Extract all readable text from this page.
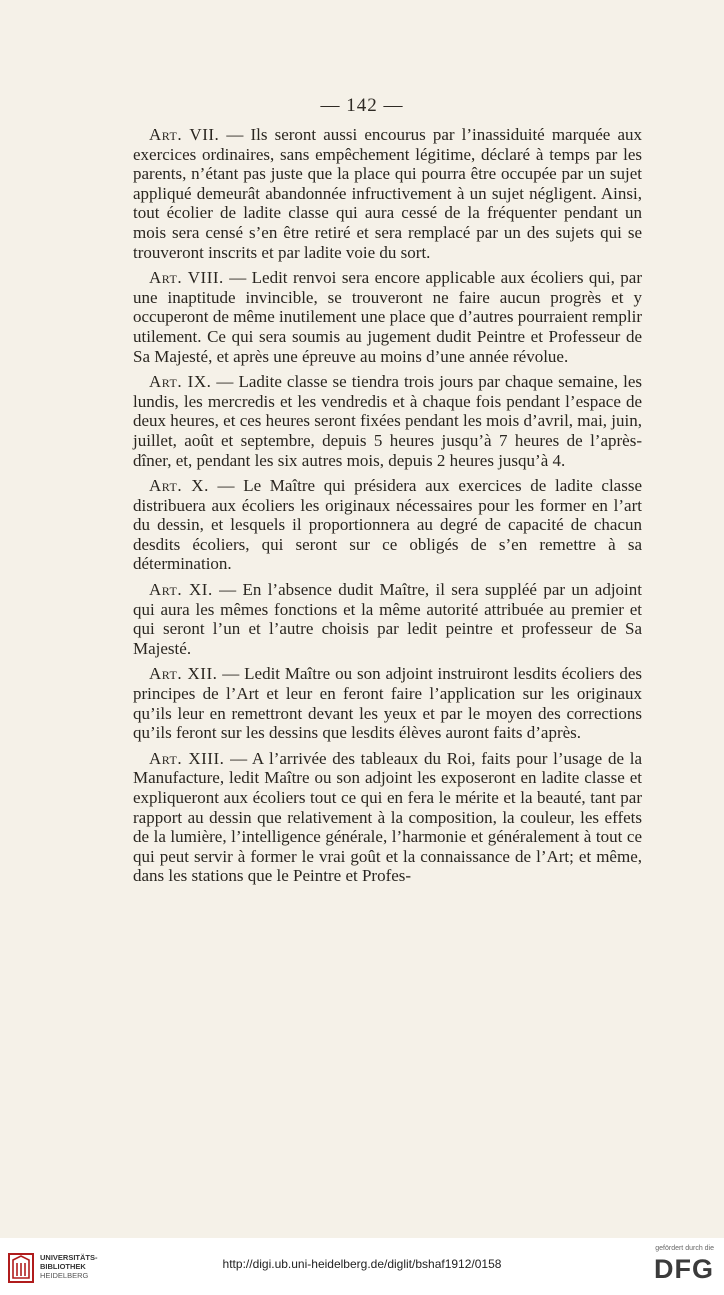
— 142 —

Art. VII. — Ils seront aussi encourus par l’inassiduité marquée aux exercices ordinaires, sans empêchement légitime, déclaré à temps par les parents, n’étant pas juste que la place qui pourra être occupée par un sujet appliqué demeurât abandonnée infructivement à un sujet négligent. Ainsi, tout écolier de ladite classe qui aura cessé de la fréquenter pendant un mois sera censé s’en être retiré et sera remplacé par un des sujets qui se trouveront inscrits et par ladite voie du sort.

Art. VIII. — Ledit renvoi sera encore applicable aux écoliers qui, par une inaptitude invincible, se trouveront ne faire aucun progrès et y occuperont de même inutilement une place que d’autres pourraient remplir utilement. Ce qui sera soumis au jugement dudit Peintre et Professeur de Sa Majesté, et après une épreuve au moins d’une année révolue.

Art. IX. — Ladite classe se tiendra trois jours par chaque semaine, les lundis, les mercredis et les vendredis et à chaque fois pendant l’espace de deux heures, et ces heures seront fixées pendant les mois d’avril, mai, juin, juillet, août et septembre, depuis 5 heures jusqu’à 7 heures de l’après-dîner, et, pendant les six autres mois, depuis 2 heures jusqu’à 4.

Art. X. — Le Maître qui présidera aux exercices de ladite classe distribuera aux écoliers les originaux nécessaires pour les former en l’art du dessin, et lesquels il proportionnera au degré de capacité de chacun desdits écoliers, qui seront sur ce obligés de s’en remettre à sa détermination.

Art. XI. — En l’absence dudit Maître, il sera suppléé par un adjoint qui aura les mêmes fonctions et la même autorité attribuée au premier et qui seront l’un et l’autre choisis par ledit peintre et professeur de Sa Majesté.

Art. XII. — Ledit Maître ou son adjoint instruiront lesdits écoliers des principes de l’Art et leur en feront faire l’application sur les originaux qu’ils leur en remettront devant les yeux et par le moyen des corrections qu’ils feront sur les dessins que lesdits élèves auront faits d’après.

Art. XIII. — A l’arrivée des tableaux du Roi, faits pour l’usage de la Manufacture, ledit Maître ou son adjoint les exposeront en ladite classe et expliqueront aux écoliers tout ce qui en fera le mérite et la beauté, tant par rapport au dessin que relativement à la composition, la couleur, les effets de la lumière, l’intelligence générale, l’harmonie et généralement à tout ce qui peut servir à former le vrai goût et la connaissance de l’Art; et même, dans les stations que le Peintre et Profes-

UNIVERSITÄTS-
BIBLIOTHEK
HEIDELBERG
http://digi.ub.uni-heidelberg.de/diglit/bshaf1912/0158
gefördert durch die
DFG
